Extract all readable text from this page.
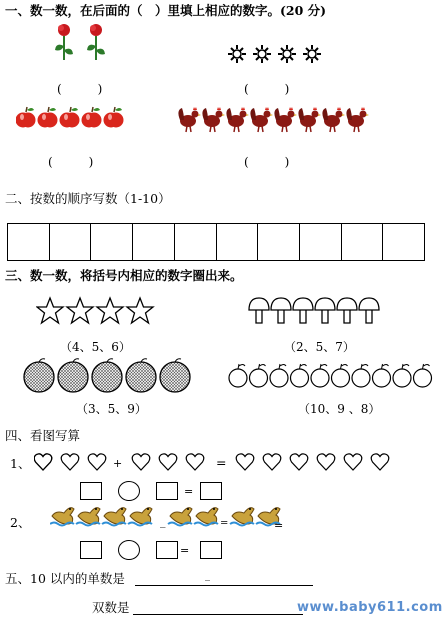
一、数一数，在后面的（　）里填上相应的数字。(20 分)
(　　　)	(　　　)
(　　　)	(　　　)
二、按数的顺序写数（1-10）
三、数一数，将括号内相应的数字圈出来。
（4、5、6）	（2、5、7）
（3、5、9）	（10、9 、8）
四、看图写算
1、	+	=
=
2、	_	=	=
=
五、10 以内的单数是	_
双数是	www.baby611.com
